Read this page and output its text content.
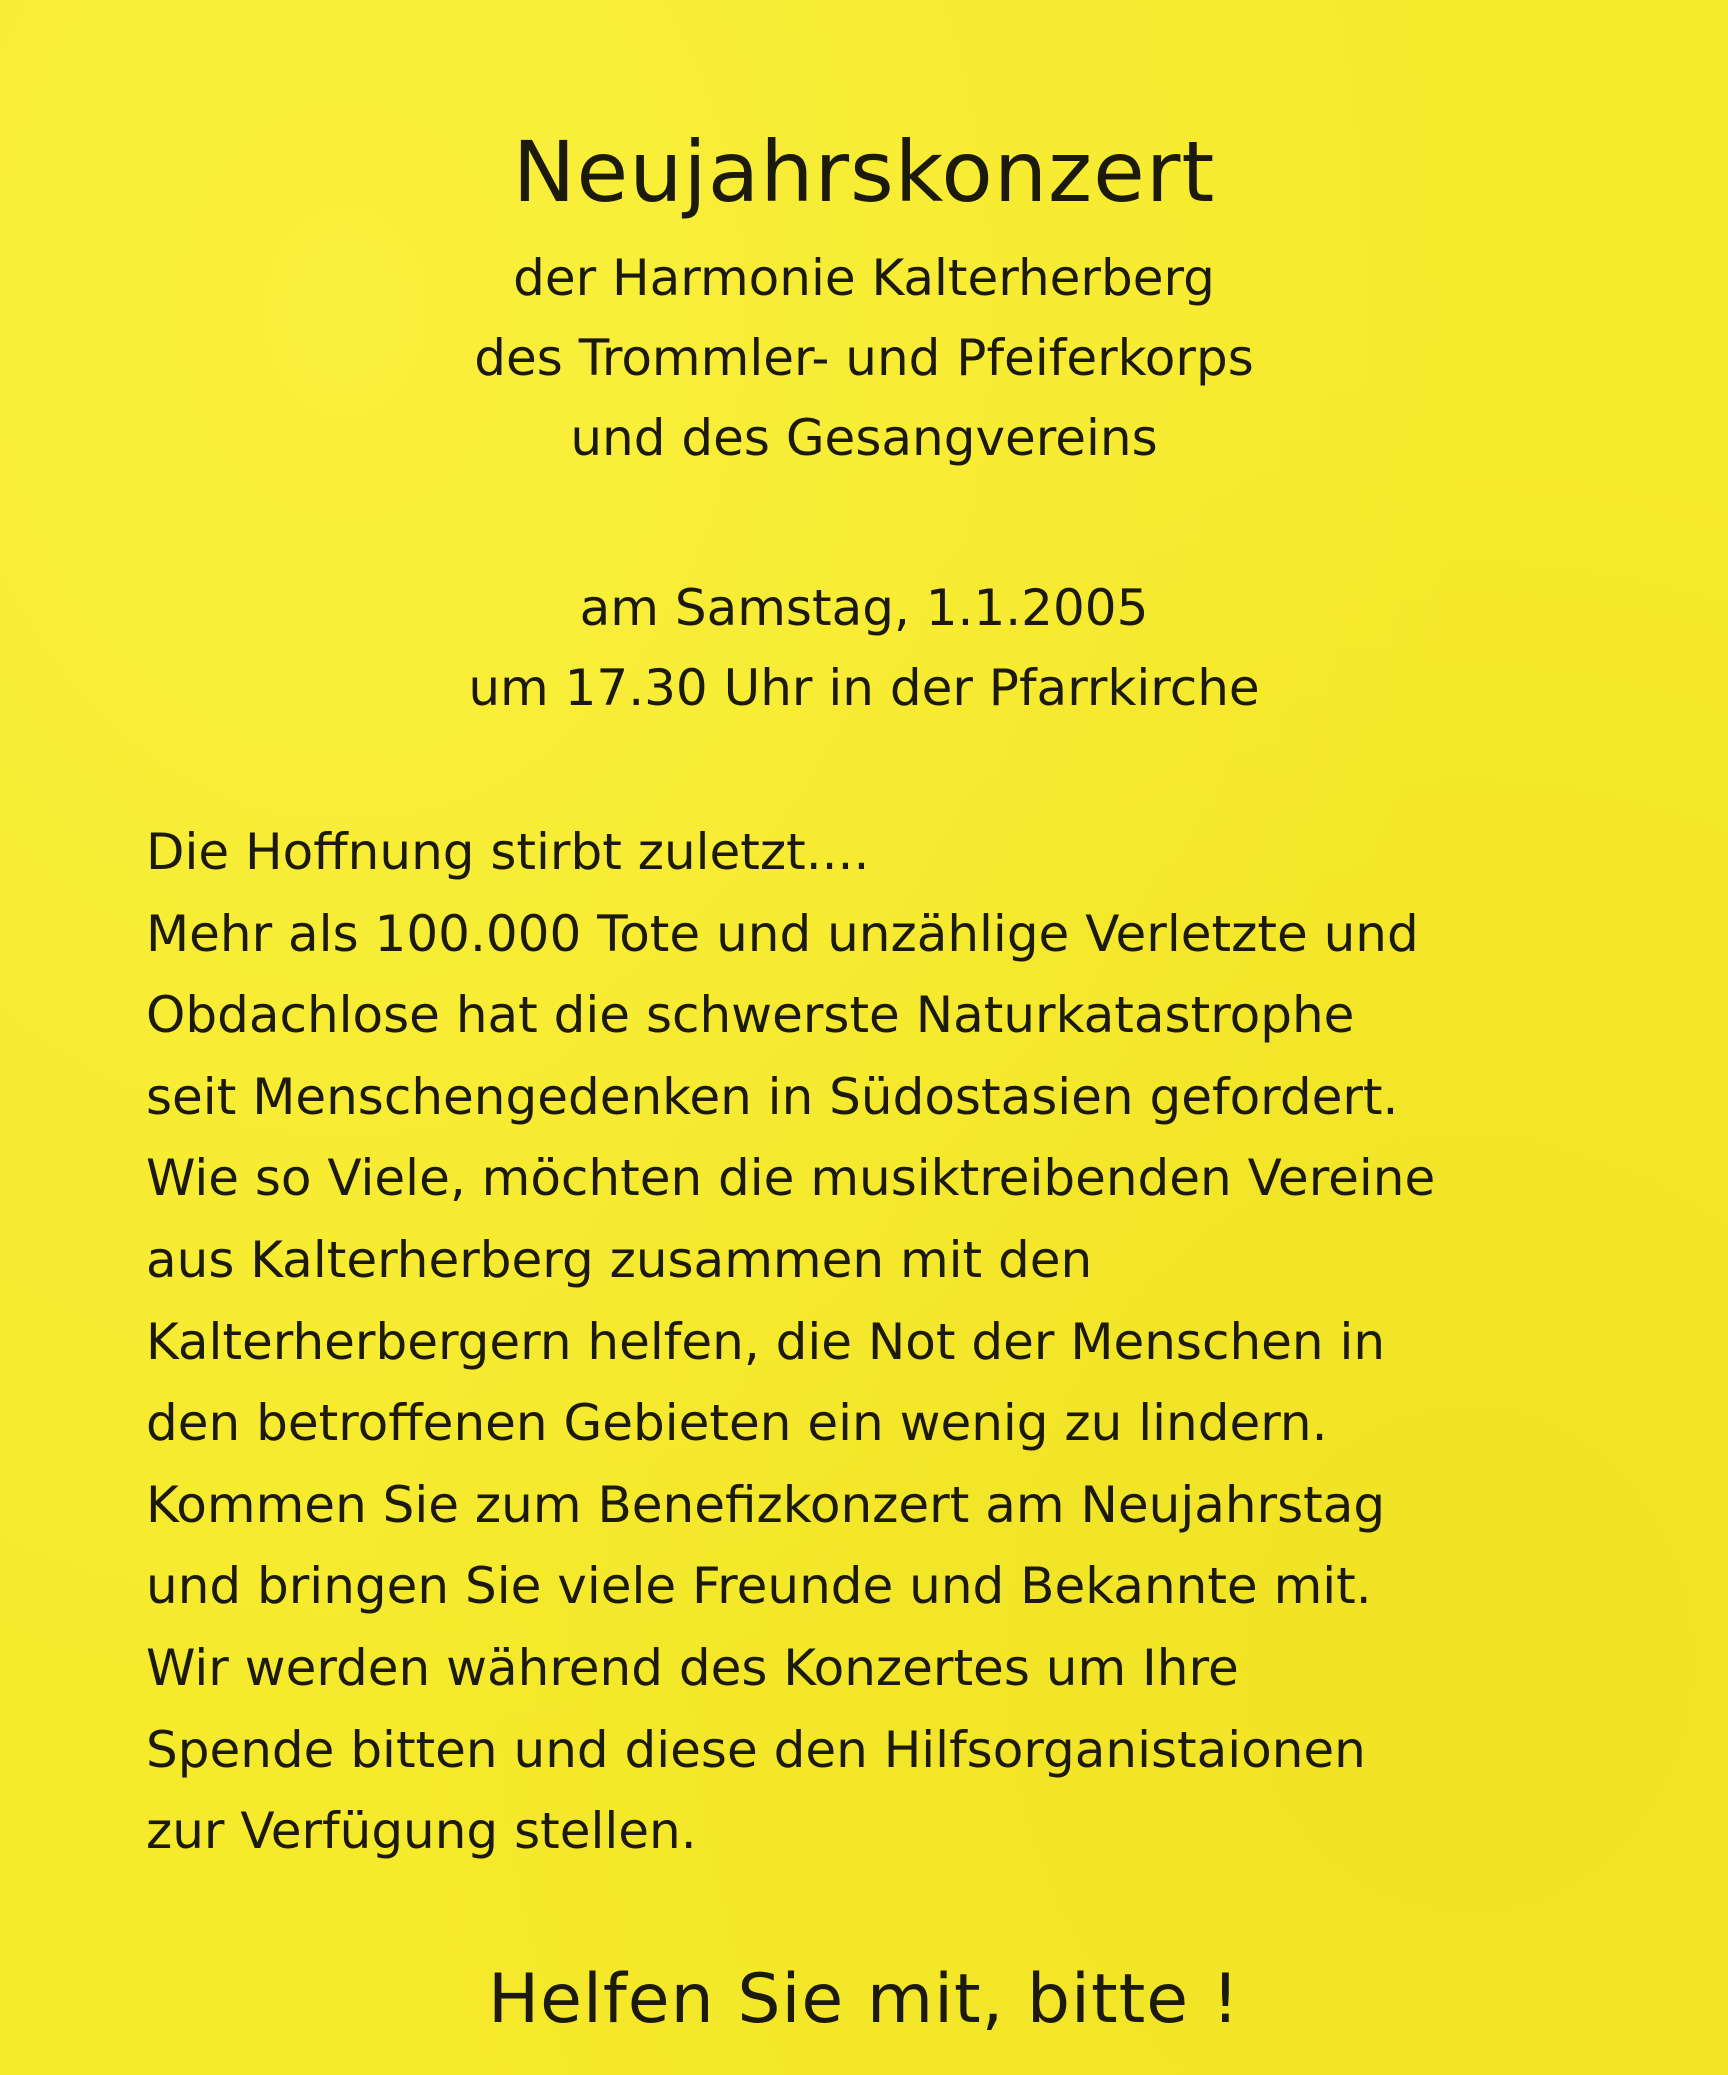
Neujahrskonzert
der Harmonie Kalterherberg
des Trommler- und Pfeiferkorps
und des Gesangvereins
am Samstag, 1.1.2005
um 17.30 Uhr in der Pfarrkirche
Die Hoffnung stirbt zuletzt....
Mehr als 100.000 Tote und unzählige Verletzte und
Obdachlose hat die schwerste Naturkatastrophe
seit Menschengedenken in Südostasien gefordert.
Wie so Viele, möchten die musiktreibenden Vereine
aus Kalterherberg zusammen mit den
Kalterherbergern helfen, die Not der Menschen in
den betroffenen Gebieten ein wenig zu lindern.
Kommen Sie zum Benefizkonzert am Neujahrstag
und bringen Sie viele Freunde und Bekannte mit.
Wir werden während des Konzertes um Ihre
Spende bitten und diese den Hilfsorganistaionen
zur Verfügung stellen.
Helfen Sie mit, bitte !
